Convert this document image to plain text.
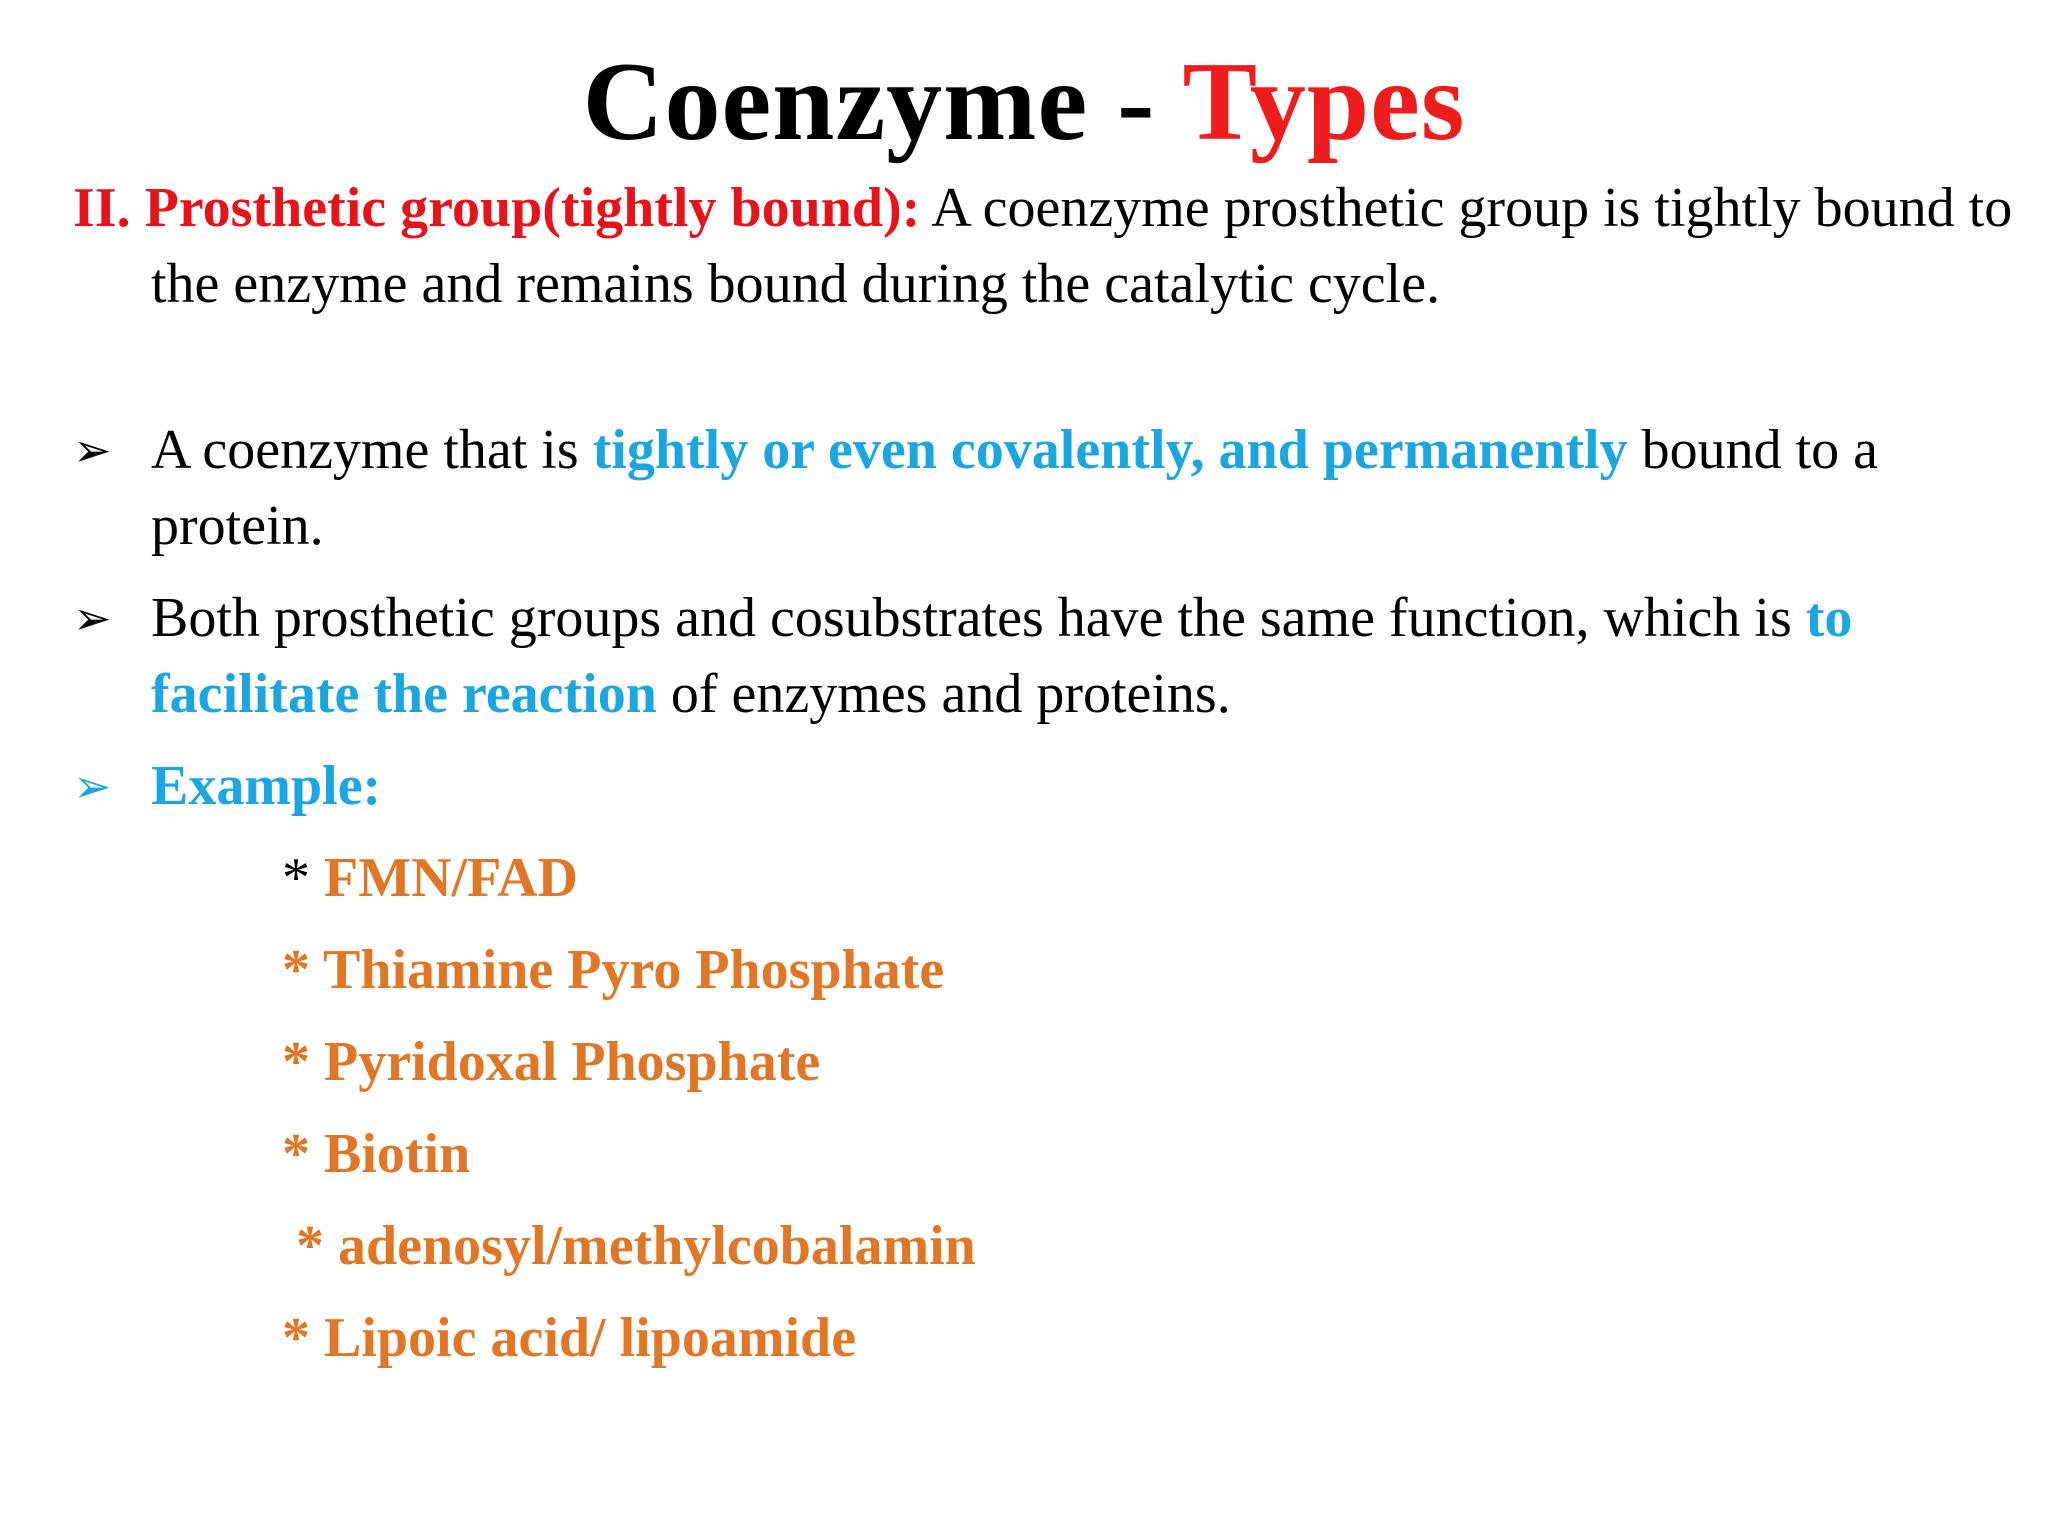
Coenzyme - Types
II. Prosthetic group(tightly bound): A coenzyme prosthetic group is tightly bound to the enzyme and remains bound during the catalytic cycle.
➢ A coenzyme that is tightly or even covalently, and permanently bound to a protein.
➢ Both prosthetic groups and cosubstrates have the same function, which is to facilitate the reaction of enzymes and proteins.
➢ Example:
* FMN/FAD
* Thiamine Pyro Phosphate
* Pyridoxal Phosphate
* Biotin
* adenosyl/methylcobalamin
* Lipoic acid/ lipoamide
